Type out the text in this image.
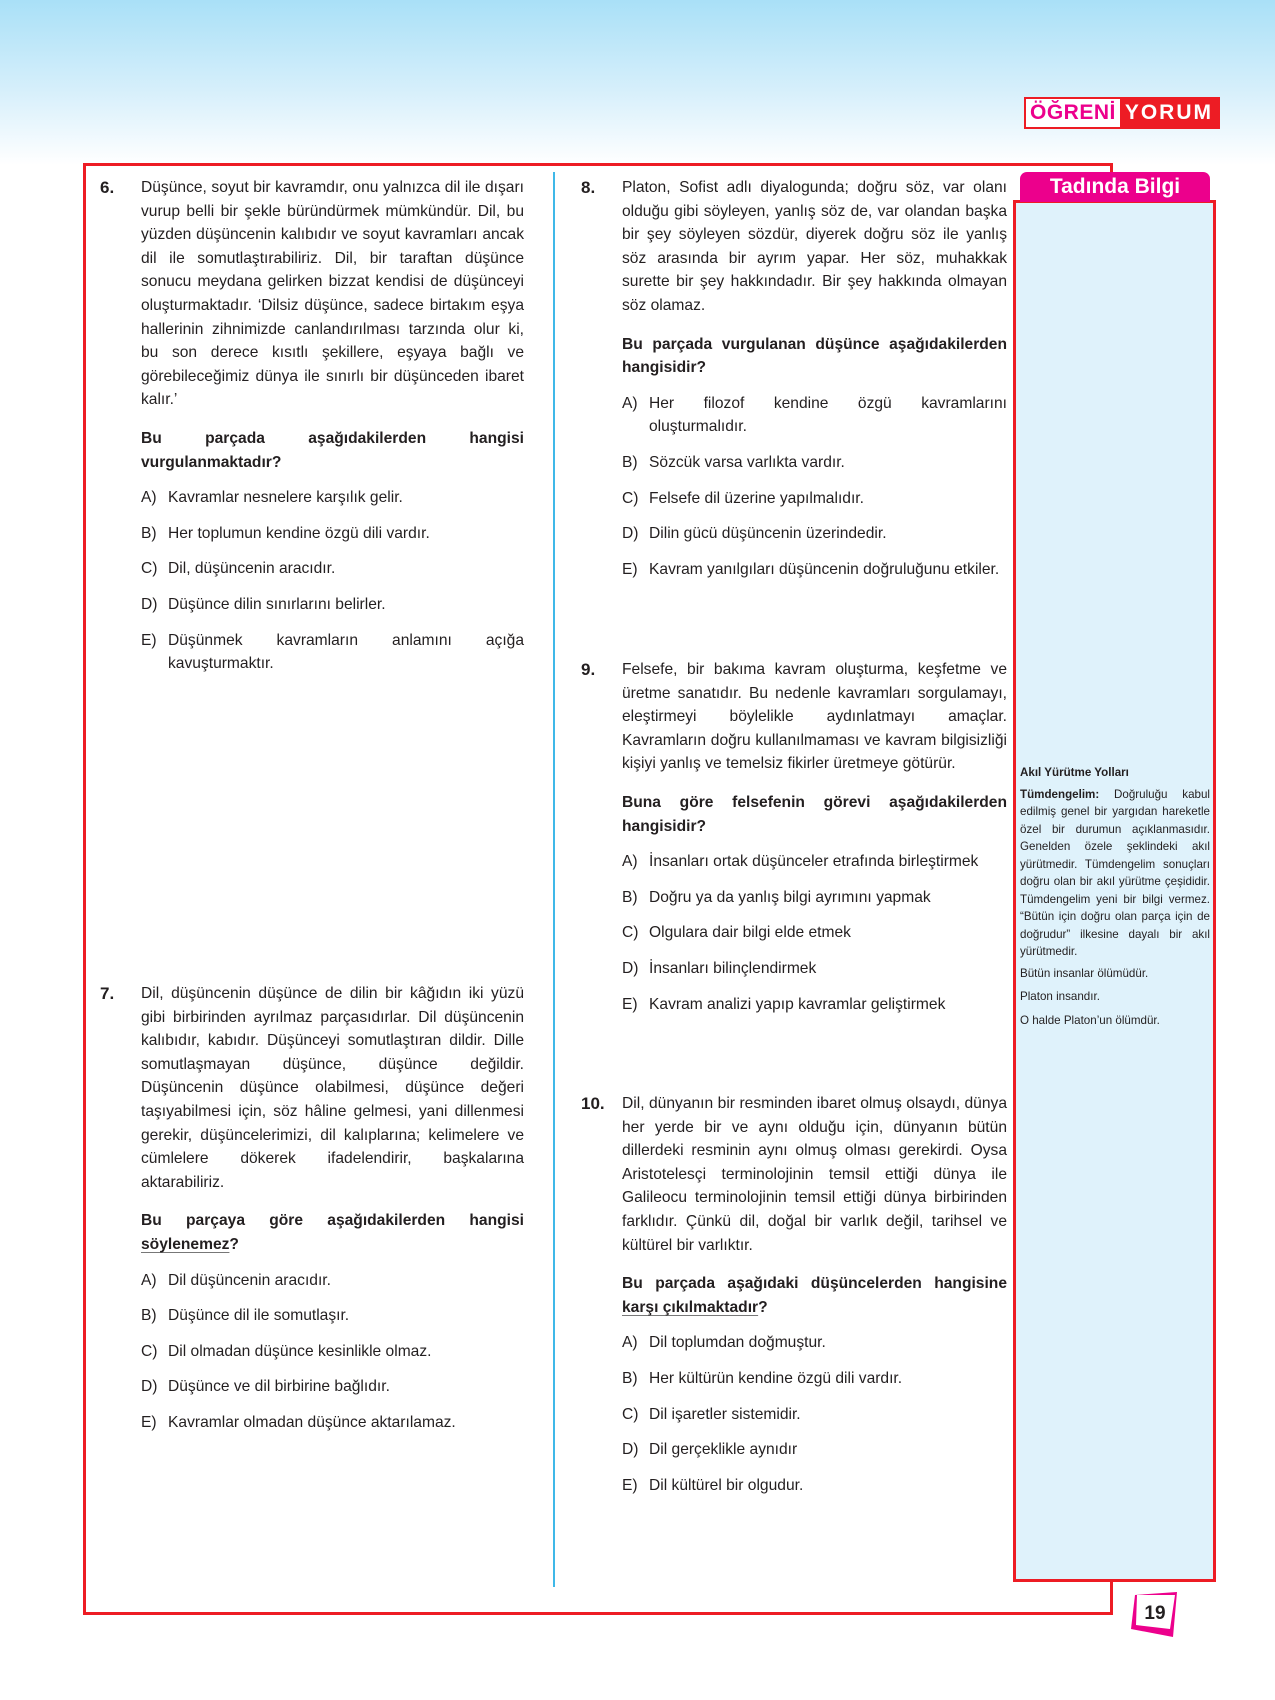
ÖĞRENİ YORUM
6. Düşünce, soyut bir kavramdır, onu yalnızca dil ile dışarı vurup belli bir şekle büründürmek mümkündür. Dil, bu yüzden düşüncenin kalıbıdır ve soyut kavramları ancak dil ile somutlaştırabiliriz. Dil, bir taraftan düşünce sonucu meydana gelirken bizzat kendisi de düşünceyi oluşturmaktadır. ‘Dilsiz düşünce, sadece birtakım eşya hallerinin zihnimizde canlandırılması tarzında olur ki, bu son derece kısıtlı şekillere, eşyaya bağlı ve görebileceğimiz dünya ile sınırlı bir düşünceden ibaret kalır.’
Bu parçada aşağıdakilerden hangisi vurgulanmaktadır?
A) Kavramlar nesnelere karşılık gelir.
B) Her toplumun kendine özgü dili vardır.
C) Dil, düşüncenin aracıdır.
D) Düşünce dilin sınırlarını belirler.
E) Düşünmek kavramların anlamını açığa kavuşturmaktır.
7. Dil, düşüncenin düşünce de dilin bir kâğıdın iki yüzü gibi birbirinden ayrılmaz parçasıdırlar. Dil düşüncenin kalıbıdır, kabıdır. Düşünceyi somutlaştıran dildir. Dille somutlaşmayan düşünce, düşünce değildir. Düşüncenin düşünce olabilmesi, düşünce değeri taşıyabilmesi için, söz hâline gelmesi, yani dillenmesi gerekir, düşüncelerimizi, dil kalıplarına; kelimelere ve cümlelere dökerek ifadelendirir, başkalarına aktarabiliriz.
Bu parçaya göre aşağıdakilerden hangisi söylenemez?
A) Dil düşüncenin aracıdır.
B) Düşünce dil ile somutlaşır.
C) Dil olmadan düşünce kesinlikle olmaz.
D) Düşünce ve dil birbirine bağlıdır.
E) Kavramlar olmadan düşünce aktarılamaz.
8. Platon, Sofist adlı diyalogunda; doğru söz, var olanı olduğu gibi söyleyen, yanlış söz de, var olandan başka bir şey söyleyen sözdür, diyerek doğru söz ile yanlış söz arasında bir ayrım yapar. Her söz, muhakkak surette bir şey hakkındadır. Bir şey hakkında olmayan söz olamaz.
Bu parçada vurgulanan düşünce aşağıdakilerden hangisidir?
A) Her filozof kendine özgü kavramlarını oluşturmalıdır.
B) Sözcük varsa varlıkta vardır.
C) Felsefe dil üzerine yapılmalıdır.
D) Dilin gücü düşüncenin üzerindedir.
E) Kavram yanılgıları düşüncenin doğruluğunu etkiler.
9. Felsefe, bir bakıma kavram oluşturma, keşfetme ve üretme sanatıdır. Bu nedenle kavramları sorgulamayı, eleştirmeyi böylelikle aydınlatmayı amaçlar. Kavramların doğru kullanılmaması ve kavram bilgisizliği kişiyi yanlış ve temelsiz fikirler üretmeye götürür.
Buna göre felsefenin görevi aşağıdakilerden hangisidir?
A) İnsanları ortak düşünceler etrafında birleştirmek
B) Doğru ya da yanlış bilgi ayrımını yapmak
C) Olgulara dair bilgi elde etmek
D) İnsanları bilinçlendirmek
E) Kavram analizi yapıp kavramlar geliştirmek
10. Dil, dünyanın bir resminden ibaret olmuş olsaydı, dünya her yerde bir ve aynı olduğu için, dünyanın bütün dillerdeki resminin aynı olmuş olması gerekirdi. Oysa Aristotelesçi terminolojinin temsil ettiği dünya ile Galileocu terminolojinin temsil ettiği dünya birbirinden farklıdır. Çünkü dil, doğal bir varlık değil, tarihsel ve kültürel bir varlıktır.
Bu parçada aşağıdaki düşüncelerden hangisine karşı çıkılmaktadır?
A) Dil toplumdan doğmuştur.
B) Her kültürün kendine özgü dili vardır.
C) Dil işaretler sistemidir.
D) Dil gerçeklikle aynıdır
E) Dil kültürel bir olgudur.
Tadında Bilgi
Akıl Yürütme Yolları
Tümdengelim: Doğruluğu kabul edilmiş genel bir yargıdan hareketle özel bir durumun açıklanmasıdır. Genelden özele şeklindeki akıl yürütmedir. Tümdengelim sonuçları doğru olan bir akıl yürütme çeşididir. Tümdengelim yeni bir bilgi vermez. “Bütün için doğru olan parça için de doğrudur” ilkesine dayalı bir akıl yürütmedir.
Bütün insanlar ölümüdür.
Platon insandır.
O halde Platon’un ölümdür.
19
